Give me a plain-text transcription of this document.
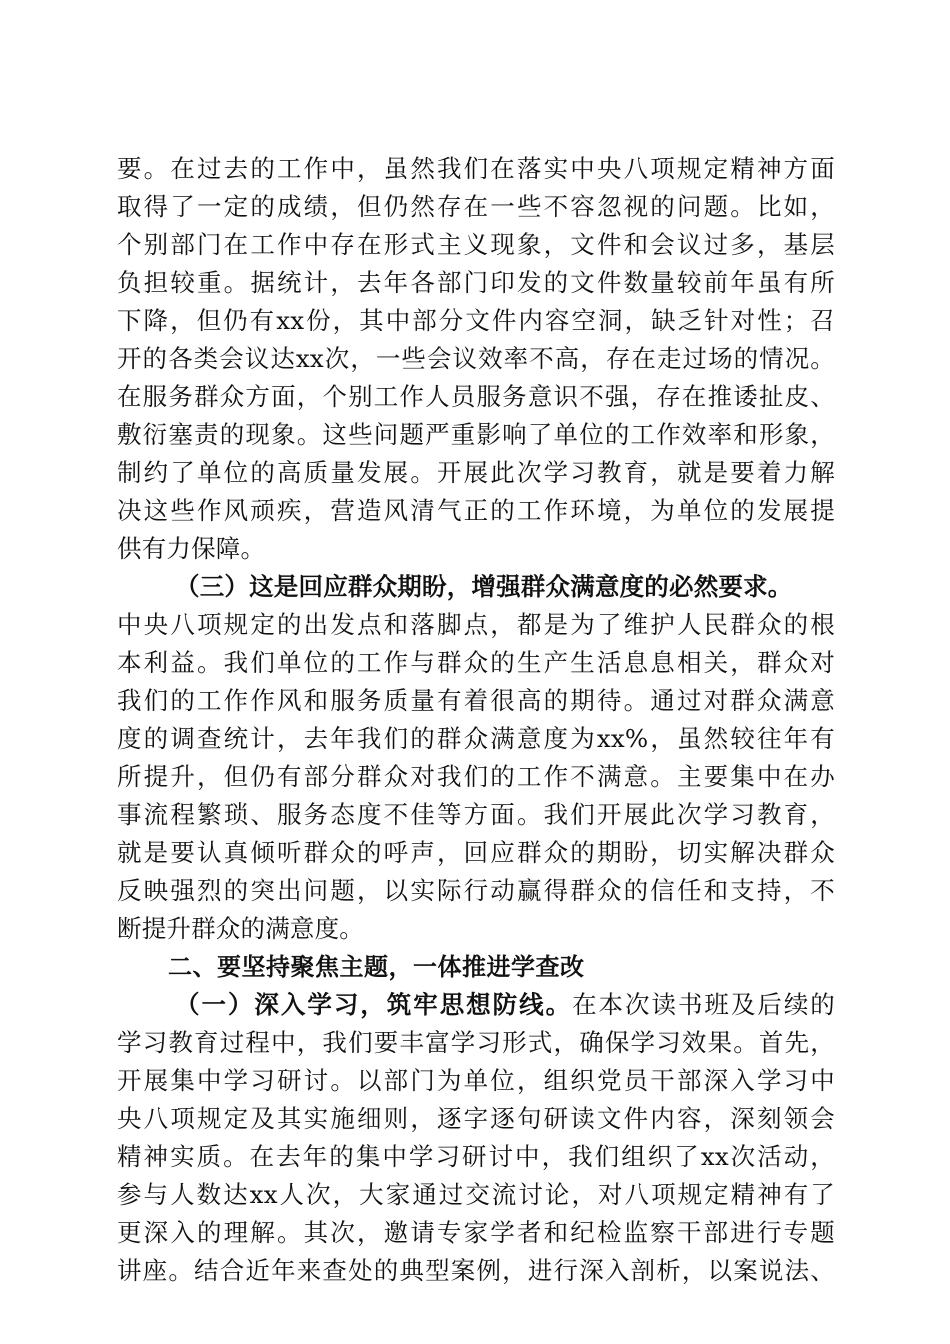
要。在过去的工作中，虽然我们在落实中央八项规定精神方面
取得了一定的成绩，但仍然存在一些不容忽视的问题。比如，
个别部门在工作中存在形式主义现象，文件和会议过多，基层
负担较重。据统计，去年各部门印发的文件数量较前年虽有所
下降，但仍有xx份，其中部分文件内容空洞，缺乏针对性；召
开的各类会议达xx次，一些会议效率不高，存在走过场的情况。
在服务群众方面，个别工作人员服务意识不强，存在推诿扯皮、
敷衍塞责的现象。这些问题严重影响了单位的工作效率和形象，
制约了单位的高质量发展。开展此次学习教育，就是要着力解
决这些作风顽疾，营造风清气正的工作环境，为单位的发展提
供有力保障。
（三）这是回应群众期盼，增强群众满意度的必然要求。
中央八项规定的出发点和落脚点，都是为了维护人民群众的根
本利益。我们单位的工作与群众的生产生活息息相关，群众对
我们的工作作风和服务质量有着很高的期待。通过对群众满意
度的调查统计，去年我们的群众满意度为xx%，虽然较往年有
所提升，但仍有部分群众对我们的工作不满意。主要集中在办
事流程繁琐、服务态度不佳等方面。我们开展此次学习教育，
就是要认真倾听群众的呼声，回应群众的期盼，切实解决群众
反映强烈的突出问题，以实际行动赢得群众的信任和支持，不
断提升群众的满意度。
二、要坚持聚焦主题，一体推进学查改
（一）深入学习，筑牢思想防线。在本次读书班及后续的
学习教育过程中，我们要丰富学习形式，确保学习效果。首先，
开展集中学习研讨。以部门为单位，组织党员干部深入学习中
央八项规定及其实施细则，逐字逐句研读文件内容，深刻领会
精神实质。在去年的集中学习研讨中，我们组织了xx次活动，
参与人数达xx人次，大家通过交流讨论，对八项规定精神有了
更深入的理解。其次，邀请专家学者和纪检监察干部进行专题
讲座。结合近年来查处的典型案例，进行深入剖析，以案说法、
